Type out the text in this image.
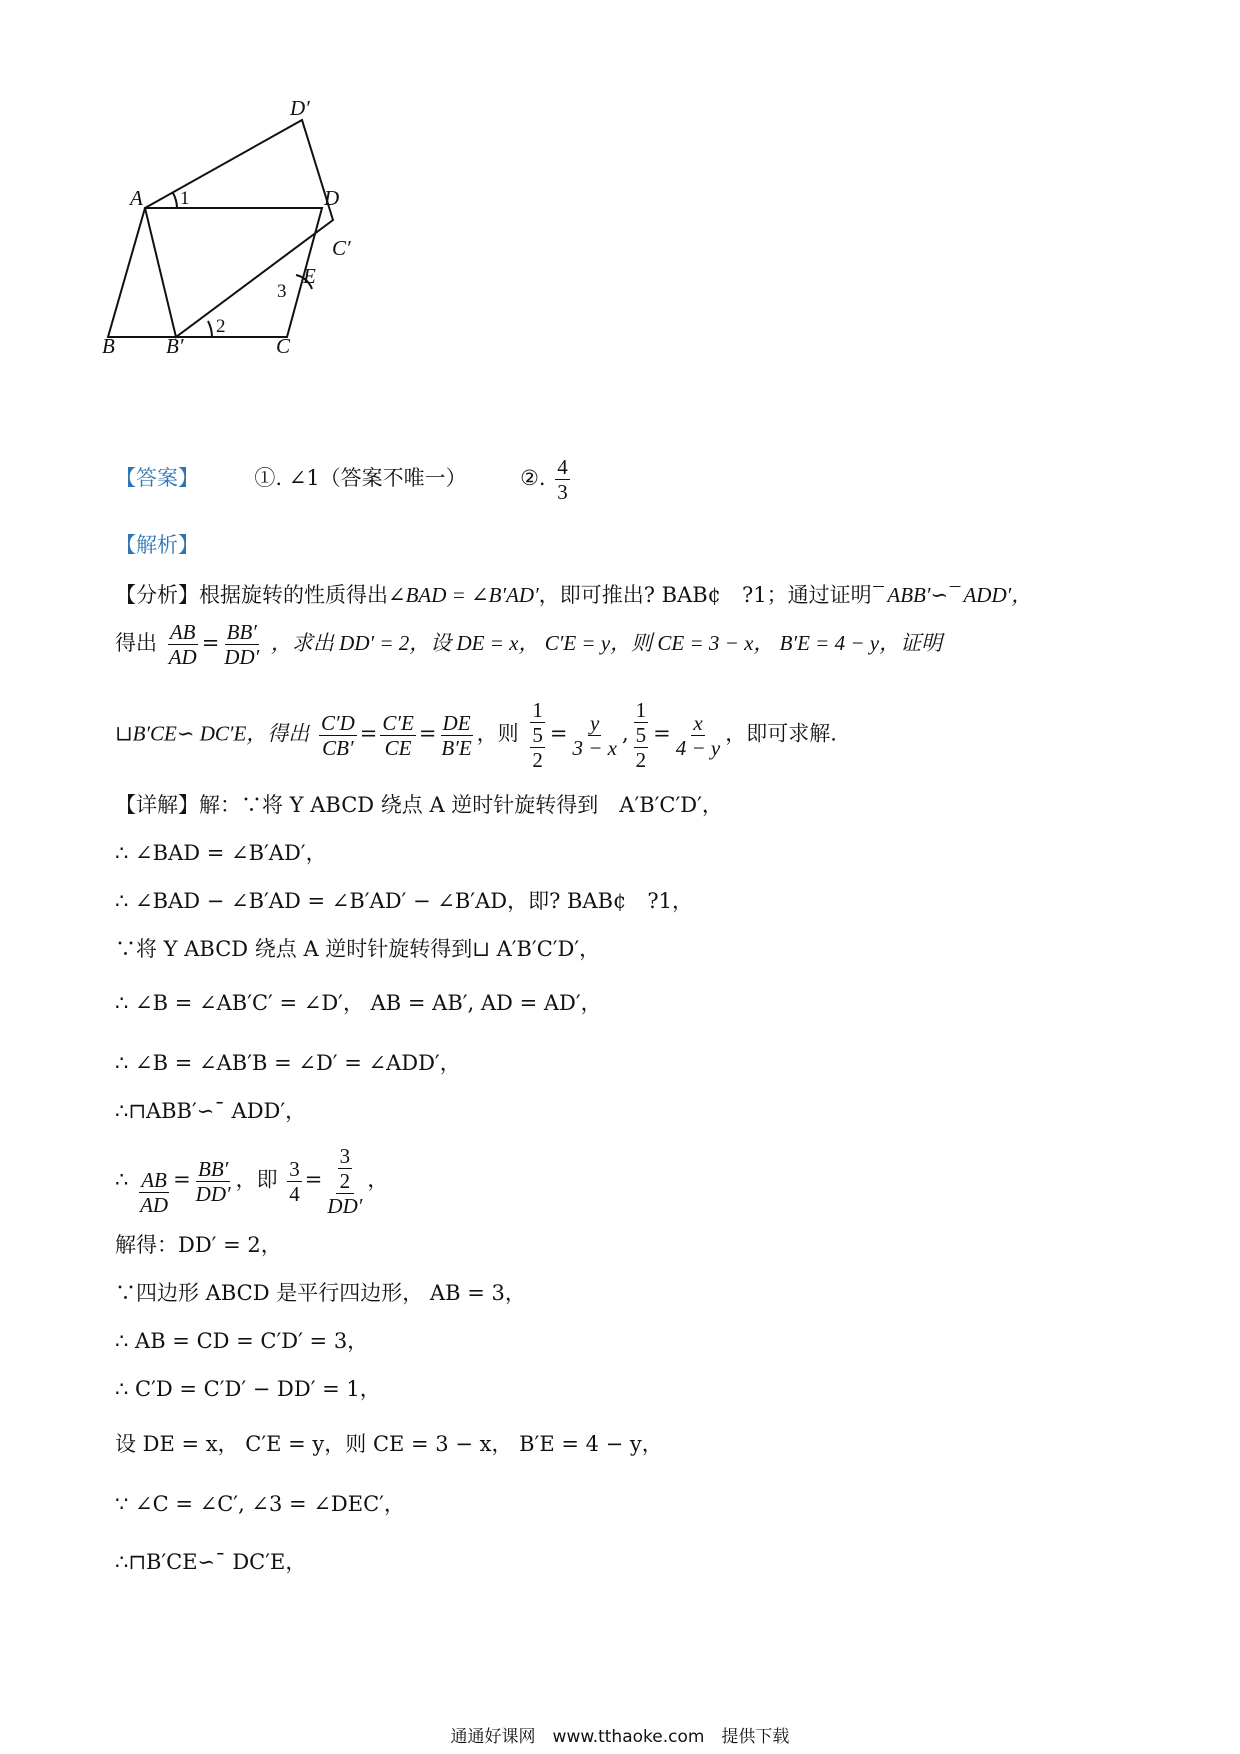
D′
A	D
C′
E
B B′	C
1
2
3
【答案】	①. ∠1（答案不唯一）	②. $\frac{4}{3}$
【解析】
【分析】根据旋转的性质得出∠BAD = ∠B′AD′，即可推出? BAB¢　?1；通过证明¯ ABB′∽¯ ADD′，
得出 $\frac{AB}{AD} = \frac{BB'}{DD'}$ ，求出 DD′ = 2，设 DE = x， C′E = y，则 CE = 3 − x， B′E = 4 − y，证明
⊔B′CE∽ DC′E，得出 $\frac{C'D}{CB'} = \frac{C'E}{CE} = \frac{DE}{B'E}$ ，则 $\frac{1}{\frac{5}{2}} = \frac{y}{3 - x}$ , $\frac{1}{\frac{5}{2}} = \frac{x}{4 - y}$ ，即可求解.
【详解】解：∵将 Y ABCD 绕点 A 逆时针旋转得到　A′B′C′D′，
∴ ∠BAD = ∠B′AD′，
∴ ∠BAD − ∠B′AD = ∠B′AD′ − ∠B′AD，即? BAB¢　?1，
∵将 Y ABCD 绕点 A 逆时针旋转得到⊔ A′B′C′D′，
∴ ∠B = ∠AB′C′ = ∠D′， AB = AB′, AD = AD′，
∴ ∠B = ∠AB′B = ∠D′ = ∠ADD′，
∴⊓ABB′∽¯ ADD′，
∴ $\frac{AB}{AD} = \frac{BB'}{DD'}$ ，即 $\frac{3}{4} = \frac{\frac{3}{2}}{DD'}$ ，
解得：DD′ = 2，
∵四边形 ABCD 是平行四边形， AB = 3，
∴ AB = CD = C′D′ = 3，
∴ C′D = C′D′ − DD′ = 1，
设 DE = x， C′E = y，则 CE = 3 − x， B′E = 4 − y，
∵ ∠C = ∠C′, ∠3 = ∠DEC′，
∴⊓B′CE∽¯ DC′E，
通通好课网　www.tthaoke.com　提供下载
